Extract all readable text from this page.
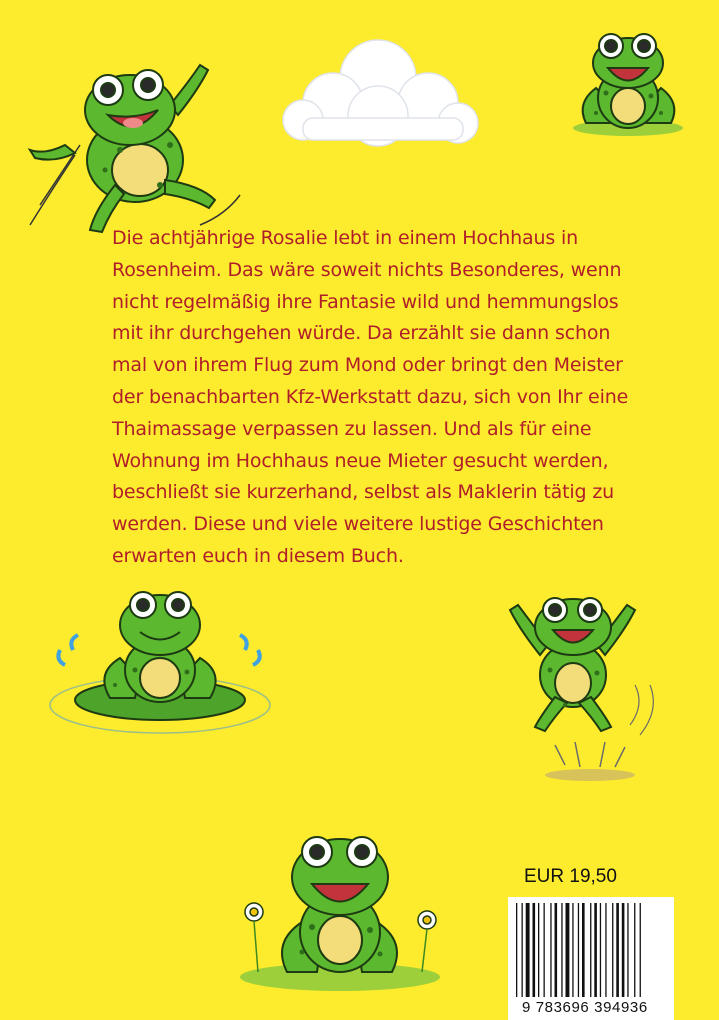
Die achtjährige Rosalie lebt in einem Hochhaus in
Rosenheim. Das wäre soweit nichts Besonderes, wenn
nicht regelmäßig ihre Fantasie wild und hemmungslos
mit ihr durchgehen würde. Da erzählt sie dann schon
mal von ihrem Flug zum Mond oder bringt den Meister
der benachbarten Kfz-Werkstatt dazu, sich von Ihr eine
Thaimassage verpassen zu lassen. Und als für eine
Wohnung im Hochhaus neue Mieter gesucht werden,
beschließt sie kurzerhand, selbst als Maklerin tätig zu
werden. Diese und viele weitere lustige Geschichten
erwarten euch in diesem Buch.
EUR 19,50
9 783696 394936
